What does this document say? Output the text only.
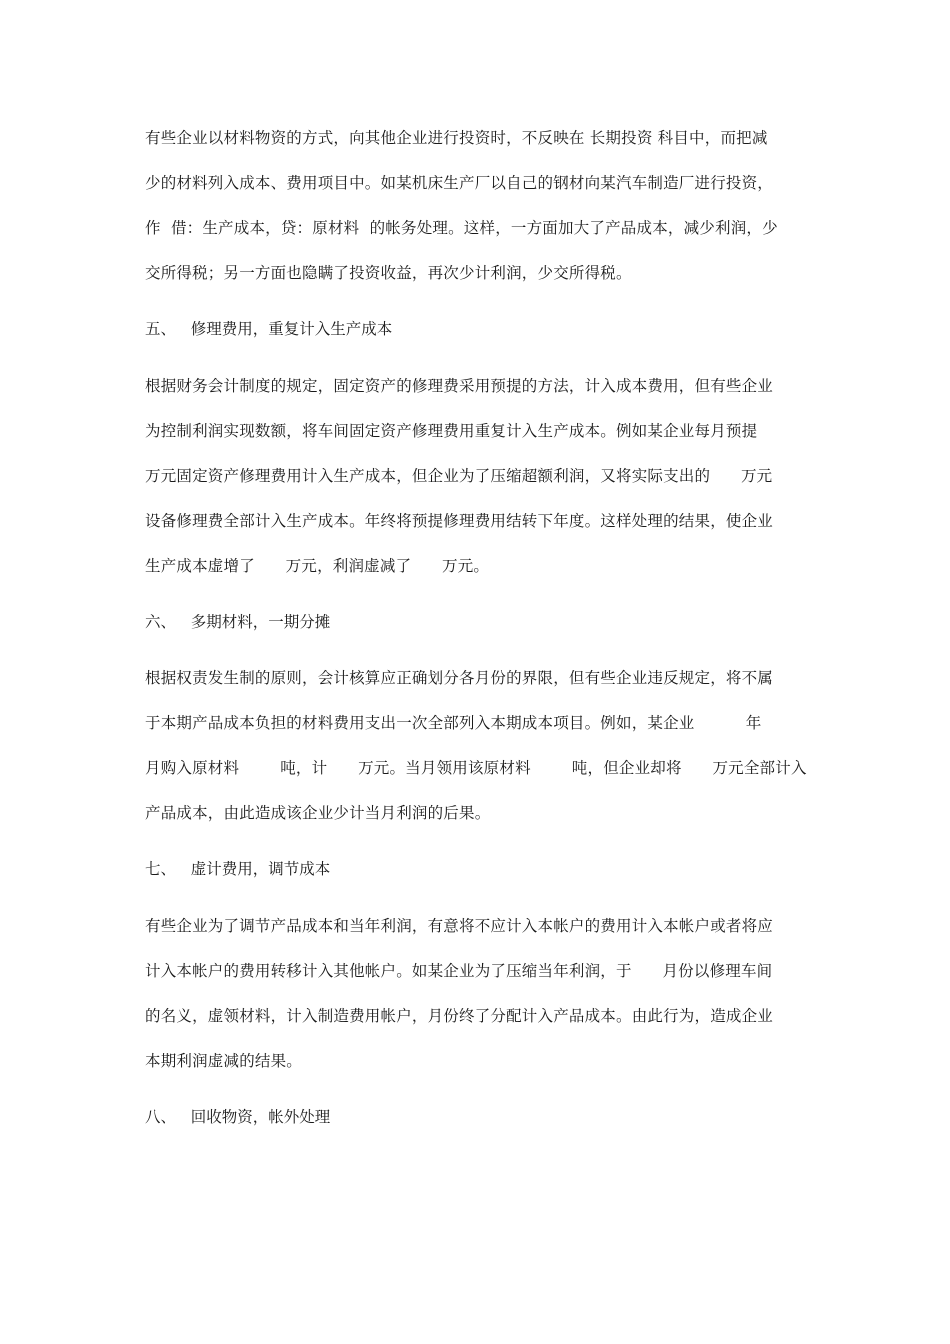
有些企业以材料物资的方式，向其他企业进行投资时，不反映在 长期投资 科目中，而把减
少的材料列入成本、费用项目中。如某机床生产厂以自己的钢材向某汽车制造厂进行投资，
作  借：生产成本，贷：原材料  的帐务处理。这样，一方面加大了产品成本，减少利润，少
交所得税；另一方面也隐瞒了投资收益，再次少计利润，少交所得税。
五、   修理费用，重复计入生产成本
根据财务会计制度的规定，固定资产的修理费采用预提的方法，计入成本费用，但有些企业
为控制利润实现数额，将车间固定资产修理费用重复计入生产成本。例如某企业每月预提
万元固定资产修理费用计入生产成本，但企业为了压缩超额利润，又将实际支出的      万元
设备修理费全部计入生产成本。年终将预提修理费用结转下年度。这样处理的结果，使企业
生产成本虚增了      万元，利润虚减了      万元。
六、   多期材料，一期分摊
根据权责发生制的原则，会计核算应正确划分各月份的界限，但有些企业违反规定，将不属
于本期产品成本负担的材料费用支出一次全部列入本期成本项目。例如，某企业          年
月购入原材料        吨，计      万元。当月领用该原材料        吨，但企业却将      万元全部计入
产品成本，由此造成该企业少计当月利润的后果。
七、   虚计费用，调节成本
有些企业为了调节产品成本和当年利润，有意将不应计入本帐户的费用计入本帐户或者将应
计入本帐户的费用转移计入其他帐户。如某企业为了压缩当年利润，于      月份以修理车间
的名义，虚领材料，计入制造费用帐户，月份终了分配计入产品成本。由此行为，造成企业
本期利润虚减的结果。
八、   回收物资，帐外处理
